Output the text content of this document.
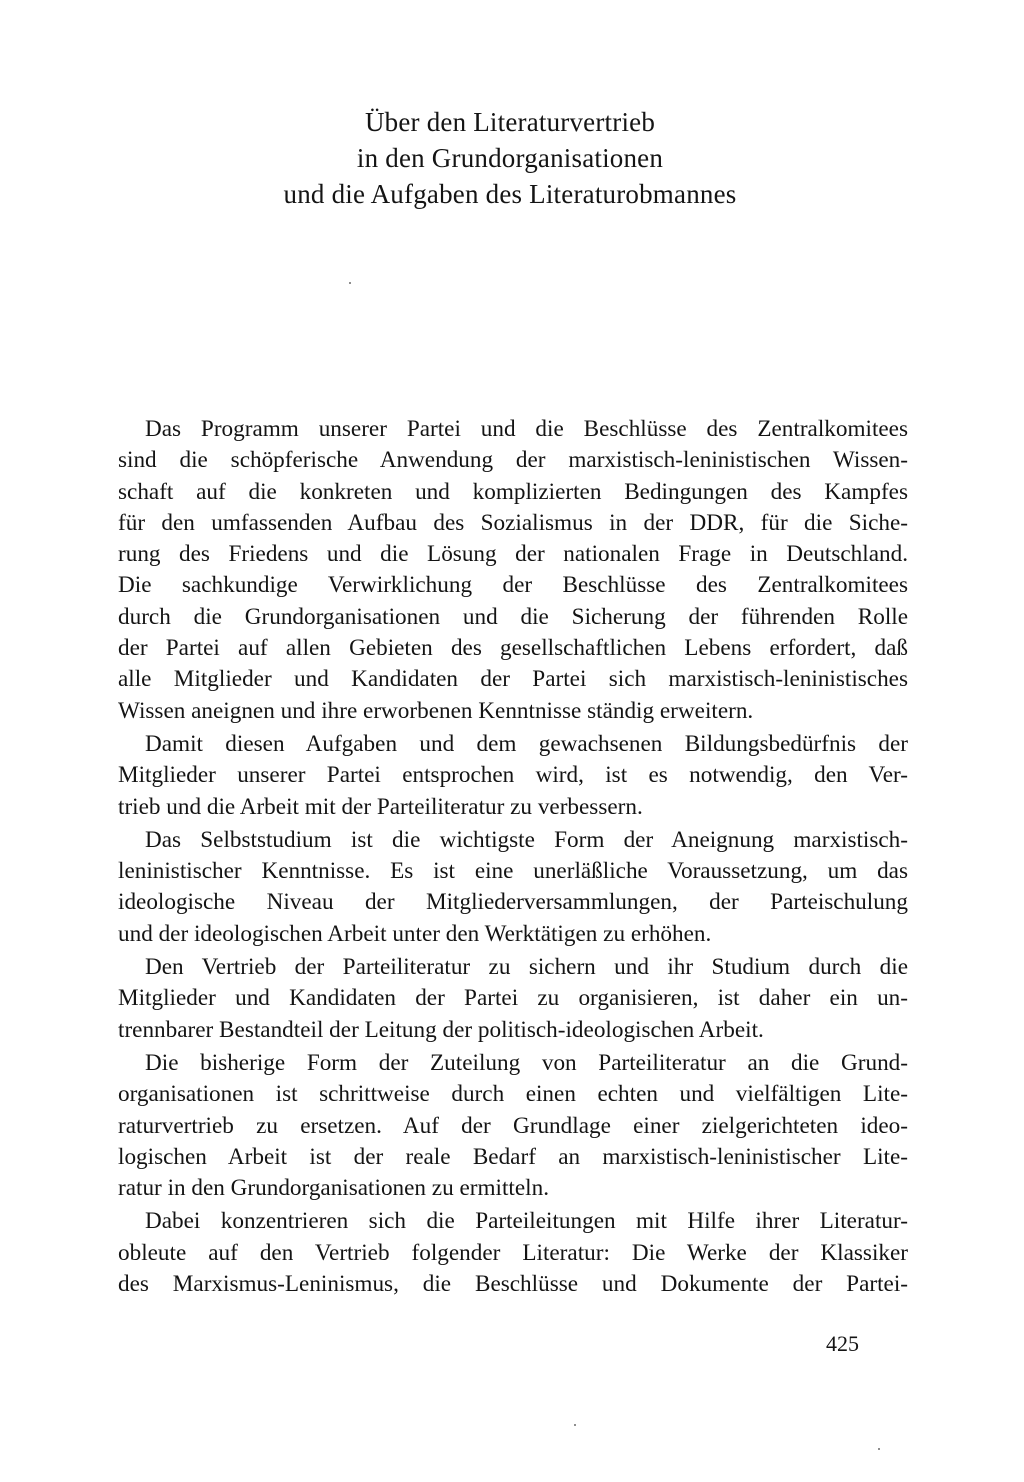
Über den Literaturvertrieb
in den Grundorganisationen
und die Aufgaben des Literaturobmannes
Das Programm unserer Partei und die Beschlüsse des Zentralkomitees
sind die schöpferische Anwendung der marxistisch-leninistischen Wissen-
schaft auf die konkreten und komplizierten Bedingungen des Kampfes
für den umfassenden Aufbau des Sozialismus in der DDR, für die Siche-
rung des Friedens und die Lösung der nationalen Frage in Deutschland.
Die sachkundige Verwirklichung der Beschlüsse des Zentralkomitees
durch die Grundorganisationen und die Sicherung der führenden Rolle
der Partei auf allen Gebieten des gesellschaftlichen Lebens erfordert, daß
alle Mitglieder und Kandidaten der Partei sich marxistisch-leninistisches
Wissen aneignen und ihre erworbenen Kenntnisse ständig erweitern.
Damit diesen Aufgaben und dem gewachsenen Bildungsbedürfnis der
Mitglieder unserer Partei entsprochen wird, ist es notwendig, den Ver-
trieb und die Arbeit mit der Parteiliteratur zu verbessern.
Das Selbststudium ist die wichtigste Form der Aneignung marxistisch-
leninistischer Kenntnisse. Es ist eine unerläßliche Voraussetzung, um das
ideologische Niveau der Mitgliederversammlungen, der Parteischulung
und der ideologischen Arbeit unter den Werktätigen zu erhöhen.
Den Vertrieb der Parteiliteratur zu sichern und ihr Studium durch die
Mitglieder und Kandidaten der Partei zu organisieren, ist daher ein un-
trennbarer Bestandteil der Leitung der politisch-ideologischen Arbeit.
Die bisherige Form der Zuteilung von Parteiliteratur an die Grund-
organisationen ist schrittweise durch einen echten und vielfältigen Lite-
raturvertrieb zu ersetzen. Auf der Grundlage einer zielgerichteten ideo-
logischen Arbeit ist der reale Bedarf an marxistisch-leninistischer Lite-
ratur in den Grundorganisationen zu ermitteln.
Dabei konzentrieren sich die Parteileitungen mit Hilfe ihrer Literatur-
obleute auf den Vertrieb folgender Literatur: Die Werke der Klassiker
des Marxismus-Leninismus, die Beschlüsse und Dokumente der Partei-
425
